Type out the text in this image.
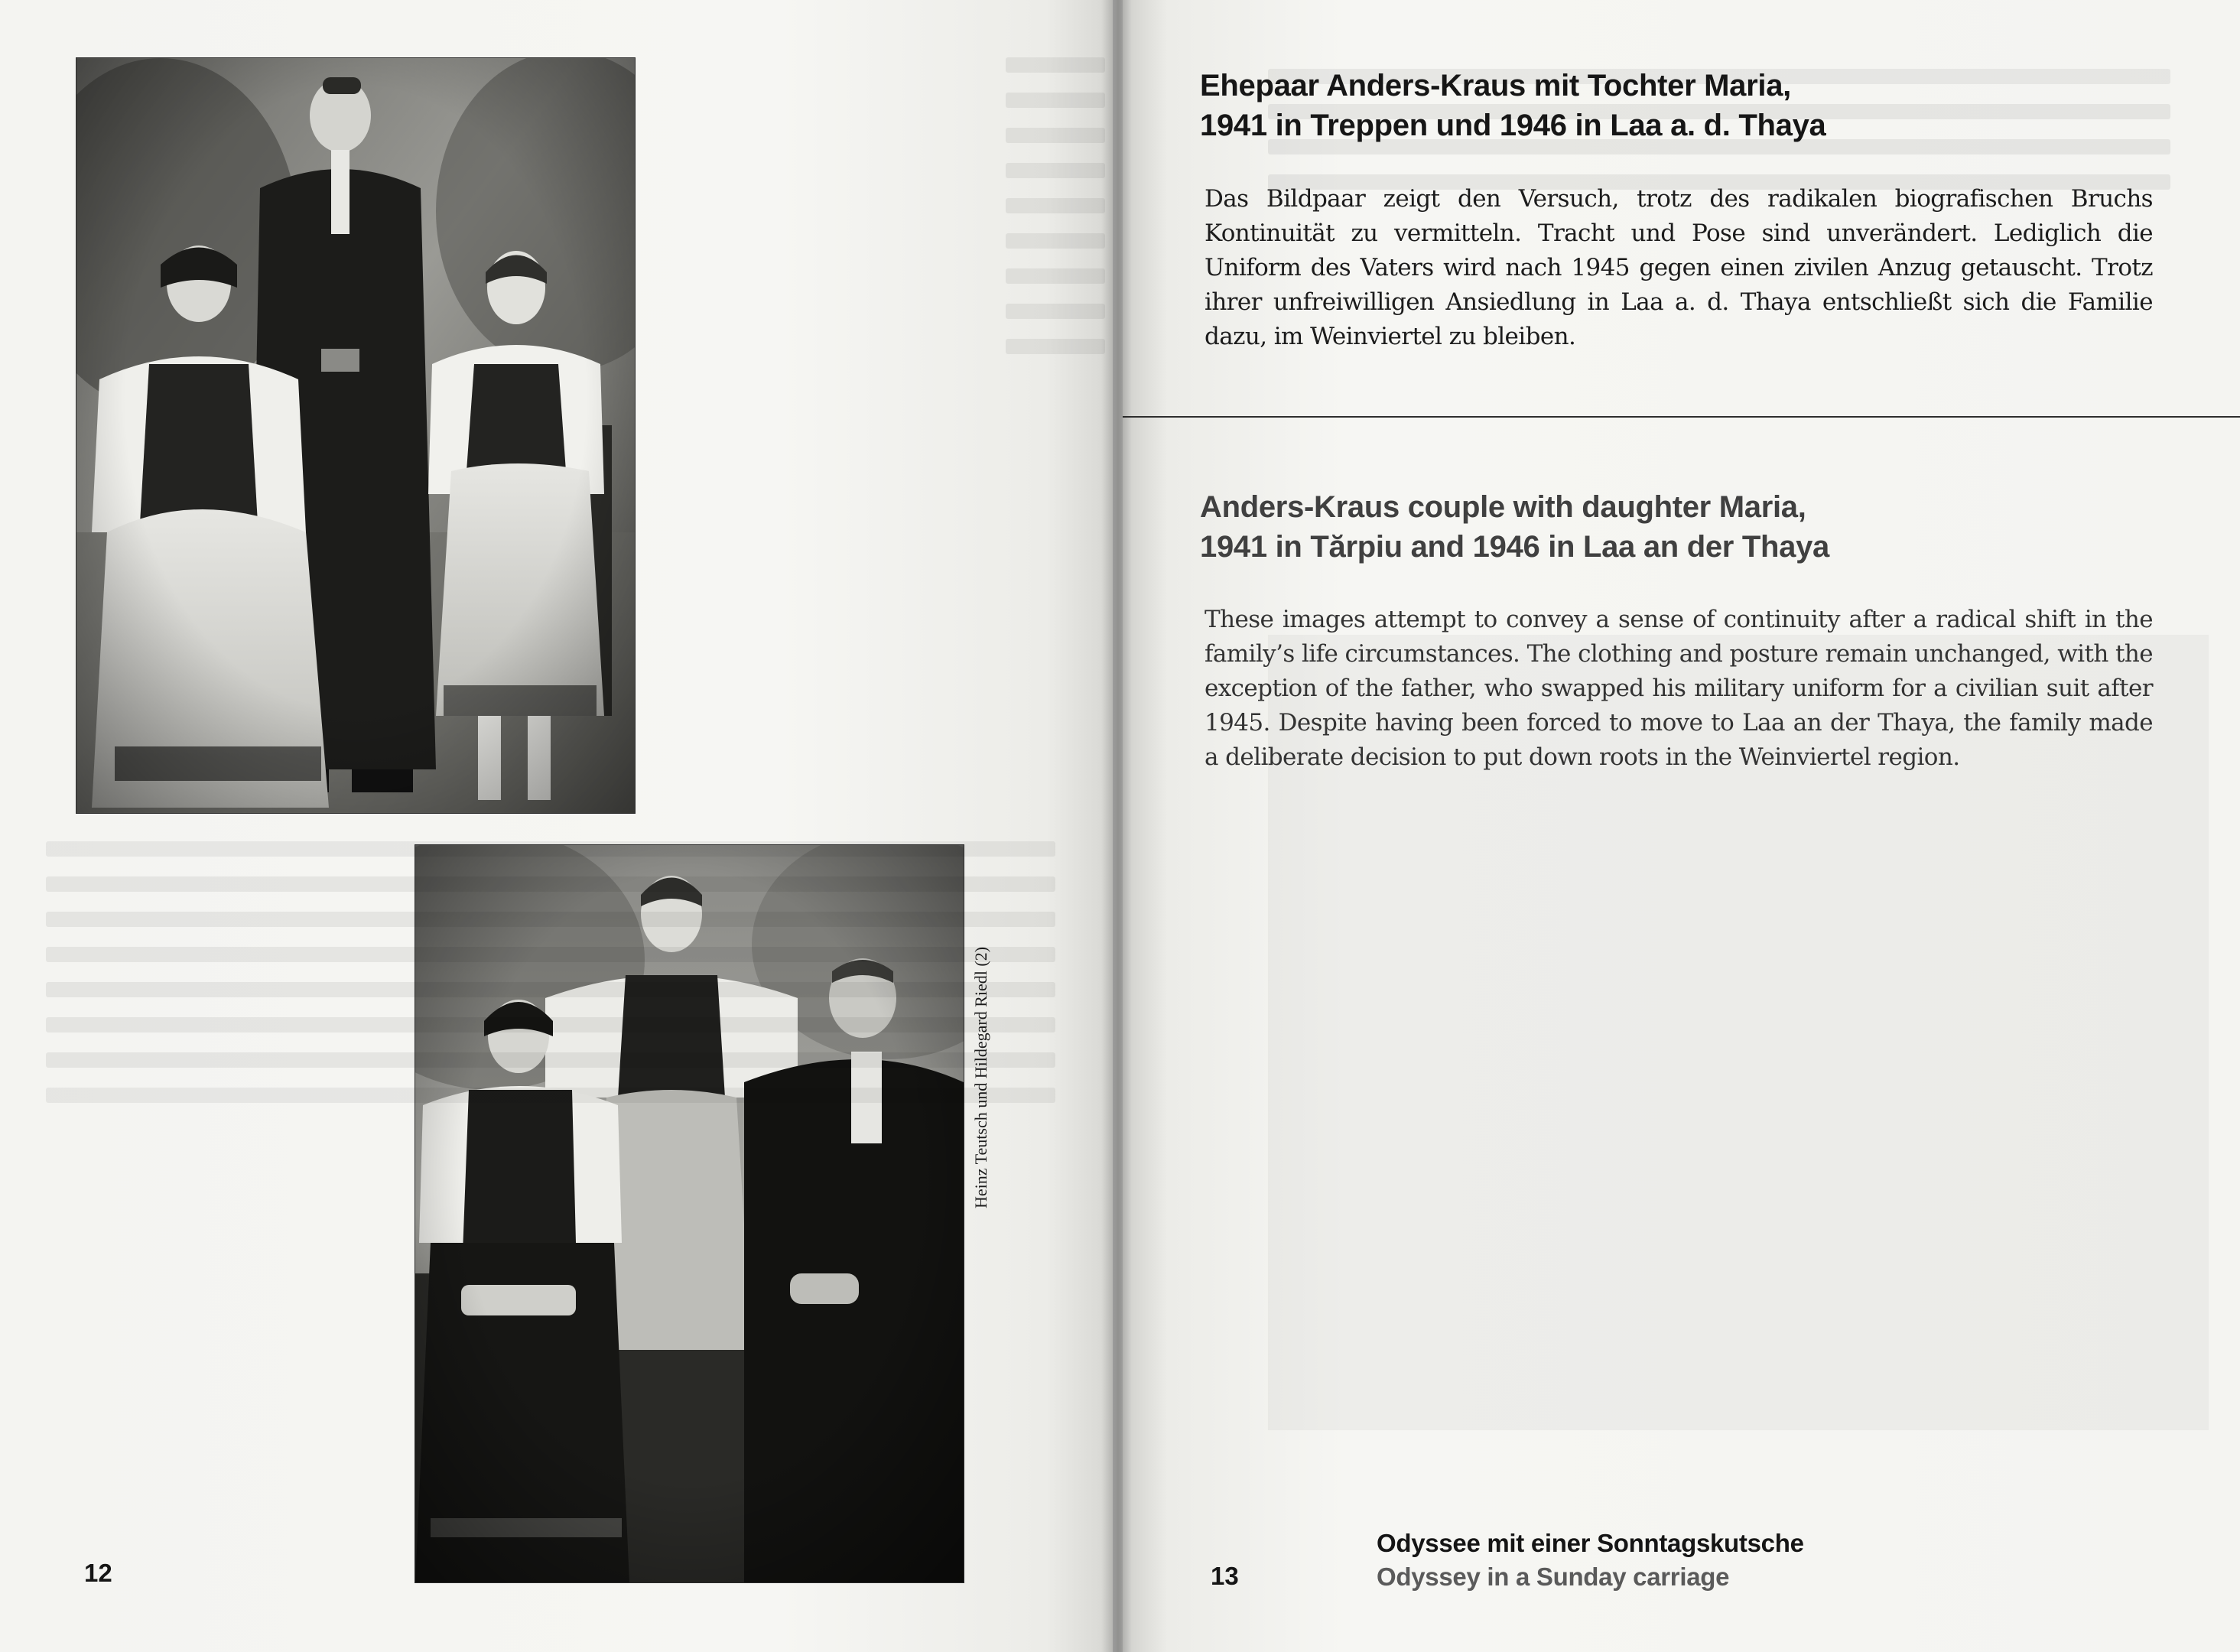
Heinz Teutsch und Hildegard Riedl (2)
12
Ehepaar Anders-Kraus mit Tochter Maria,
1941 in Treppen und 1946 in Laa a. d. Thaya
Das Bildpaar zeigt den Versuch, trotz des radikalen biografischen Bruchs Kontinuität zu vermitteln. Tracht und Pose sind unverändert. Lediglich die Uniform des Vaters wird nach 1945 gegen einen zivilen Anzug getauscht. Trotz ihrer unfreiwilligen Ansiedlung in Laa a. d. Thaya entschließt sich die Familie dazu, im Weinviertel zu bleiben.
Anders-Kraus couple with daughter Maria,
1941 in Tărpiu and 1946 in Laa an der Thaya
These images attempt to convey a sense of continuity after a radical shift in the family’s life circumstances. The clothing and posture remain unchanged, with the exception of the father, who swapped his military uniform for a civilian suit after 1945. Despite having been forced to move to Laa an der Thaya, the family made a deliberate decision to put down roots in the Weinviertel region.
13
Odyssee mit einer Sonntagskutsche
Odyssey in a Sunday carriage
